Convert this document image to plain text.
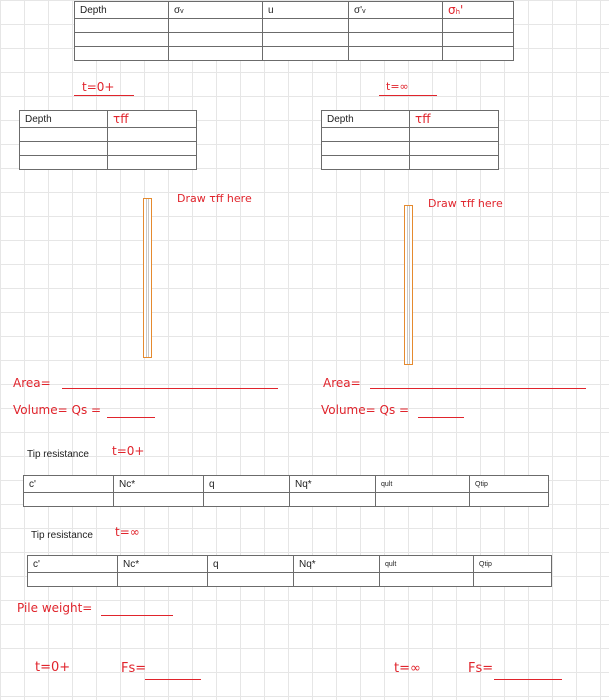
Depth	σv	u	σ'v	σh'

t=0+	t=∞
Depth	τff

		Depth	τff

Draw τff here	Draw τff here
Area=
Volume= Qs =
Area=
Volume= Qs =
Tip resistance t=0+
c'	Nc*	q	Nq*	qult	Qtip

Tip resistance t=∞
c'	Nc*	q	Nq*	qult	Qtip

Pile weight=
t=0+	Fs=	t=∞	Fs=
